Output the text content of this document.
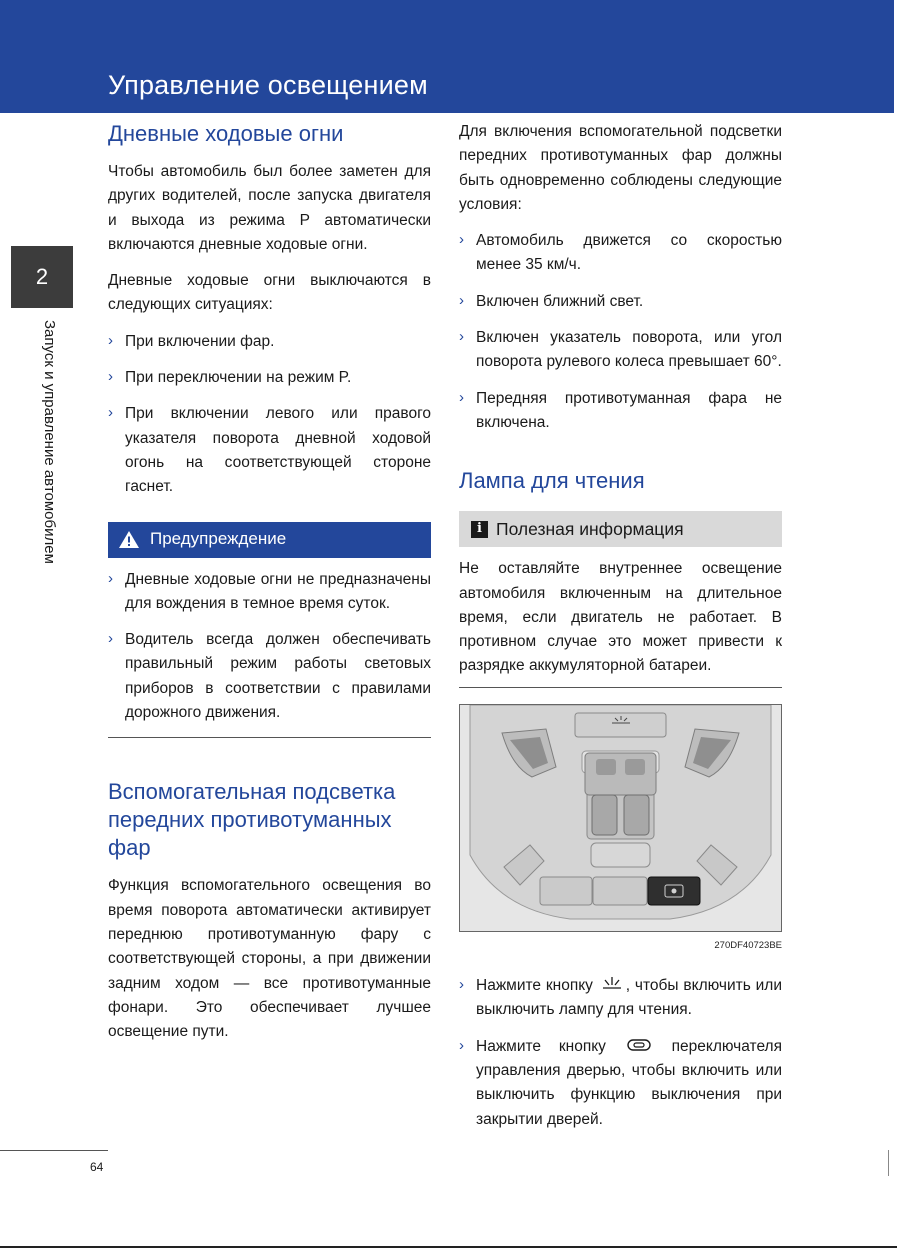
Управление освещением
2
Запуск и управление автомобилем
Дневные ходовые огни

Чтобы автомобиль был более заметен для других водителей, после запуска двигателя и выхода из режима P автоматически включаются дневные ходовые огни.

Дневные ходовые огни выключаются в следующих ситуациях:

› При включении фар.
› При переключении на режим P.
› При включении левого или правого указателя поворота дневной ходовой огонь на соответствующей стороне гаснет.
Предупреждение
› Дневные ходовые огни не предназначены для вождения в темное время суток.
› Водитель всегда должен обеспечивать правильный режим работы световых приборов в соответствии с правилами дорожного движения.
Вспомогательная подсветка передних противотуманных фар

Функция вспомогательного освещения во время поворота автоматически активирует переднюю противотуманную фару с соответствующей стороны, а при движении задним ходом — все противотуманные фонари. Это обеспечивает лучшее освещение пути.

Для включения вспомогательной подсветки передних противотуманных фар должны быть одновременно соблюдены следующие условия:

› Автомобиль движется со скоростью менее 35 км/ч.
› Включен ближний свет.
› Включен указатель поворота, или угол поворота рулевого колеса превышает 60°.
› Передняя противотуманная фара не включена.
Лампа для чтения
i Полезная информация

Не оставляйте внутреннее освещение автомобиля включенным на длительное время, если двигатель не работает. В противном случае это может привести к разрядке аккумуляторной батареи.

270DF40723BE
› Нажмите кнопку , чтобы включить или выключить лампу для чтения.
› Нажмите кнопку	переключателя управления дверью, чтобы включить или выключить функцию выключения при закрытии дверей.
64
